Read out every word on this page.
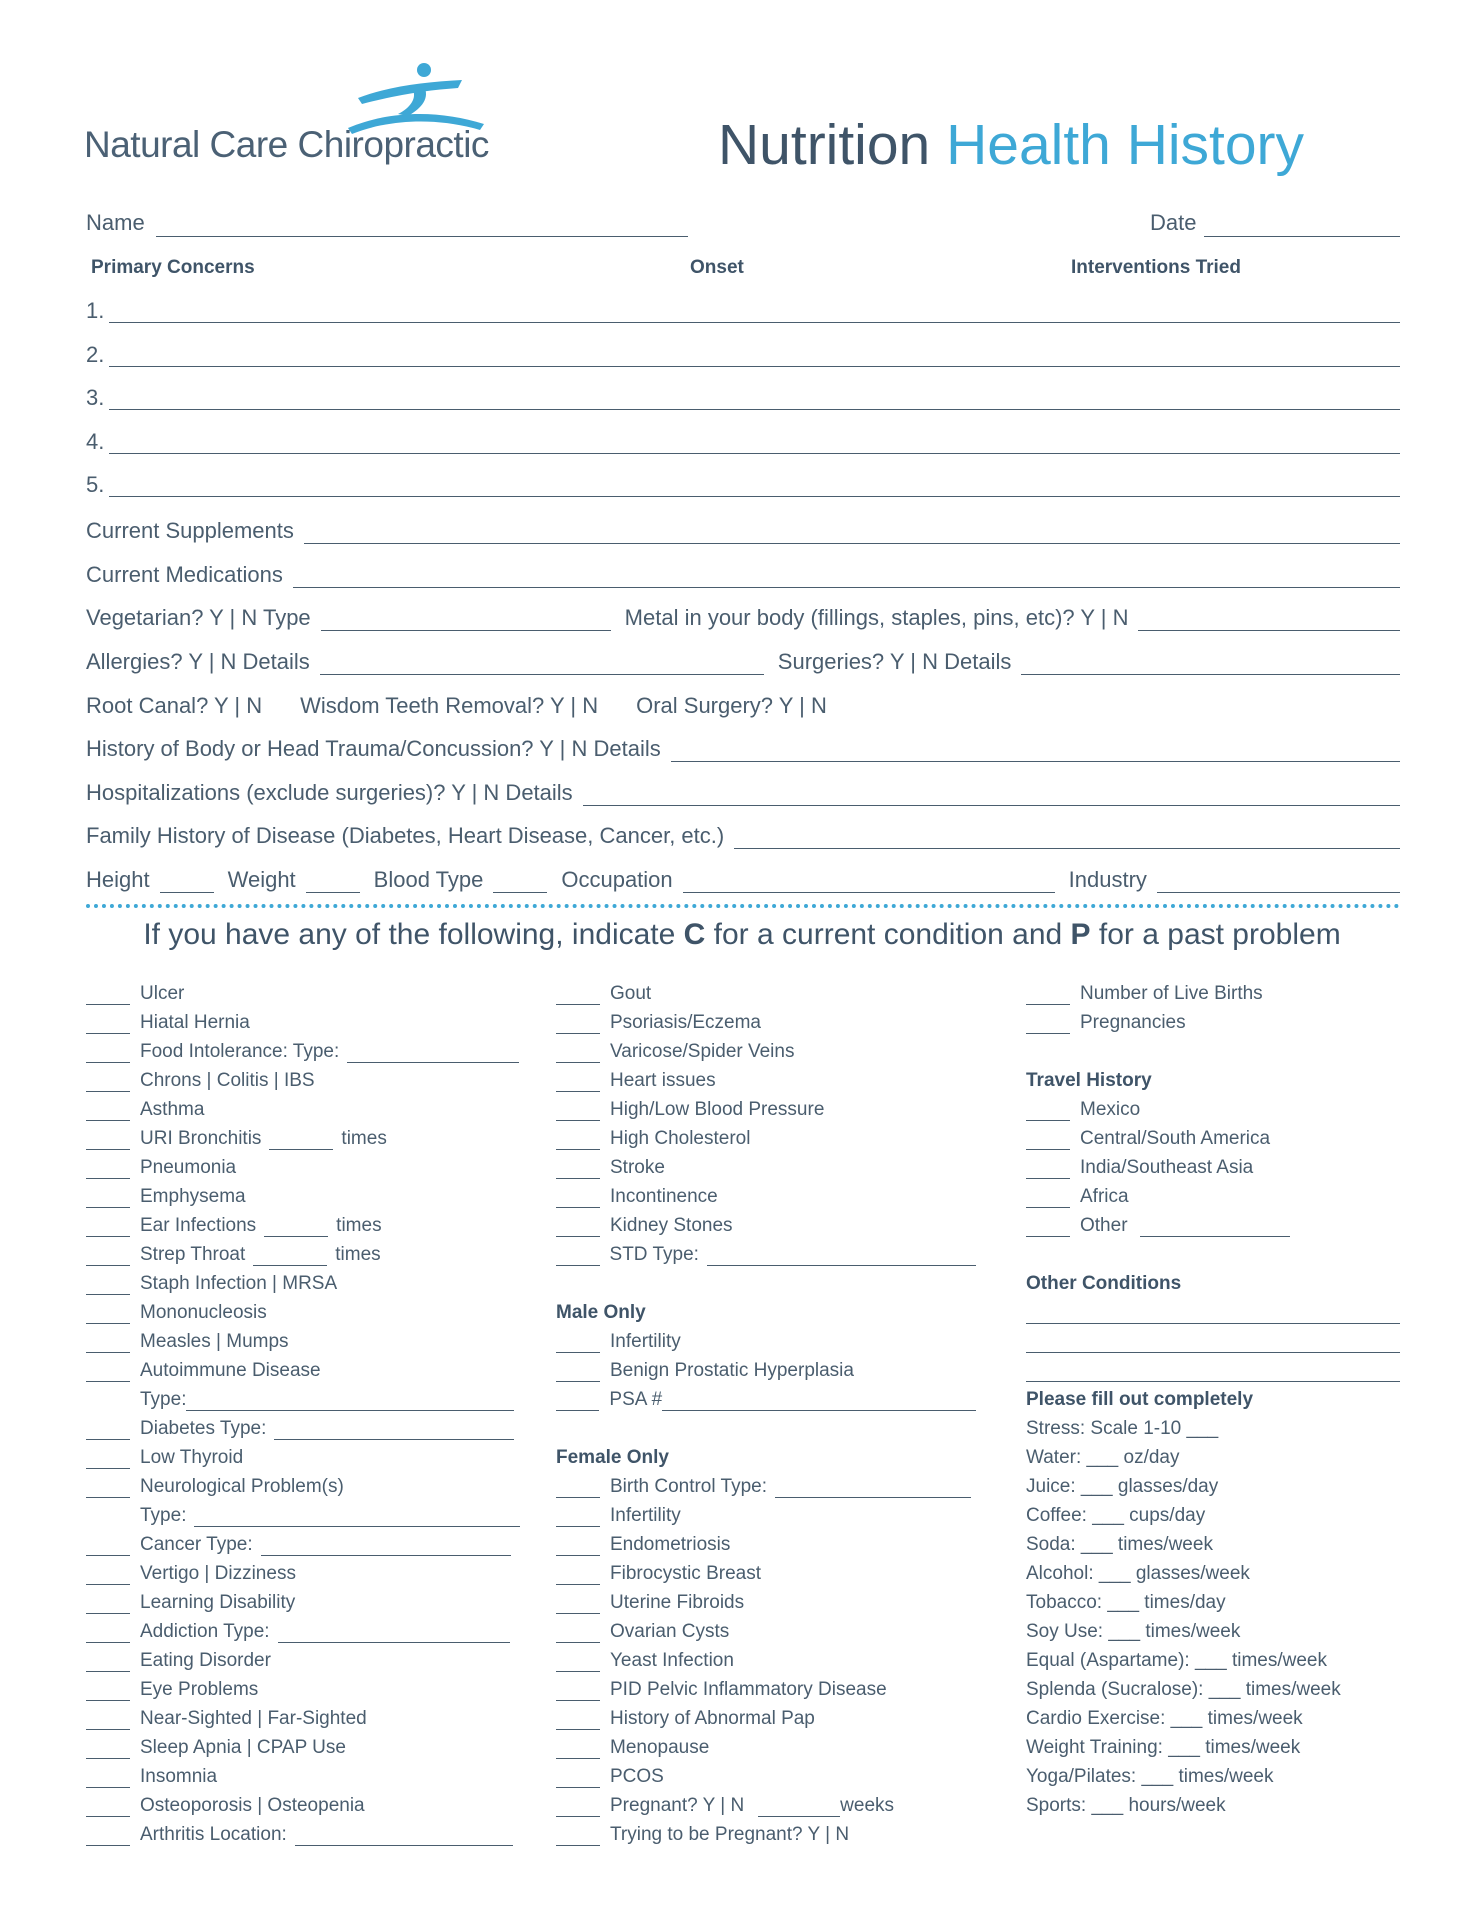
Natural Care Chiropractic	Nutrition Health History
Name	Date
Primary Concerns	Onset	Interventions Tried
1.
2.
3.
4.
5.
Current Supplements
Current Medications
Vegetarian? Y | N Type	Metal in your body (fillings, staples, pins, etc)? Y | N
Allergies? Y | N Details	Surgeries? Y | N Details
Root Canal? Y | N Wisdom Teeth Removal? Y | N Oral Surgery? Y | N
History of Body or Head Trauma/Concussion? Y | N Details
Hospitalizations (exclude surgeries)? Y | N Details
Family History of Disease (Diabetes, Heart Disease, Cancer, etc.)
Height	Weight	Blood Type	Occupation	Industry
If you have any of the following, indicate C for a current condition and P for a past problem
Ulcer
Hiatal Hernia
Food Intolerance: Type:
Chrons | Colitis | IBS
Asthma
URI Bronchitis	times
Pneumonia
Emphysema
Ear Infections	times
Strep Throat	times
Staph Infection | MRSA
Mononucleosis
Measles | Mumps
Autoimmune Disease
Type:
Diabetes Type:
Low Thyroid
Neurological Problem(s)
Type:
Cancer Type:
Vertigo | Dizziness
Learning Disability
Addiction Type:
Eating Disorder
Eye Problems
Near-Sighted | Far-Sighted
Sleep Apnia | CPAP Use
Insomnia
Osteoporosis | Osteopenia
Arthritis Location:
Gout
Psoriasis/Eczema
Varicose/Spider Veins
Heart issues
High/Low Blood Pressure
High Cholesterol
Stroke
Incontinence
Kidney Stones
STD Type:
Male Only
Infertility
Benign Prostatic Hyperplasia
PSA #
Female Only
Birth Control Type:
Infertility
Endometriosis
Fibrocystic Breast
Uterine Fibroids
Ovarian Cysts
Yeast Infection
PID Pelvic Inflammatory Disease
History of Abnormal Pap
Menopause
PCOS
Pregnant? Y | N	weeks
Trying to be Pregnant? Y | N
Number of Live Births
Pregnancies
Travel History
Mexico
Central/South America
India/Southeast Asia
Africa
Other
Other Conditions
Please fill out completely
Stress: Scale 1-10 ___
Water: ___ oz/day
Juice: ___ glasses/day
Coffee: ___ cups/day
Soda: ___ times/week
Alcohol: ___ glasses/week
Tobacco: ___ times/day
Soy Use: ___ times/week
Equal (Aspartame): ___ times/week
Splenda (Sucralose): ___ times/week
Cardio Exercise: ___ times/week
Weight Training: ___ times/week
Yoga/Pilates: ___ times/week
Sports: ___ hours/week
